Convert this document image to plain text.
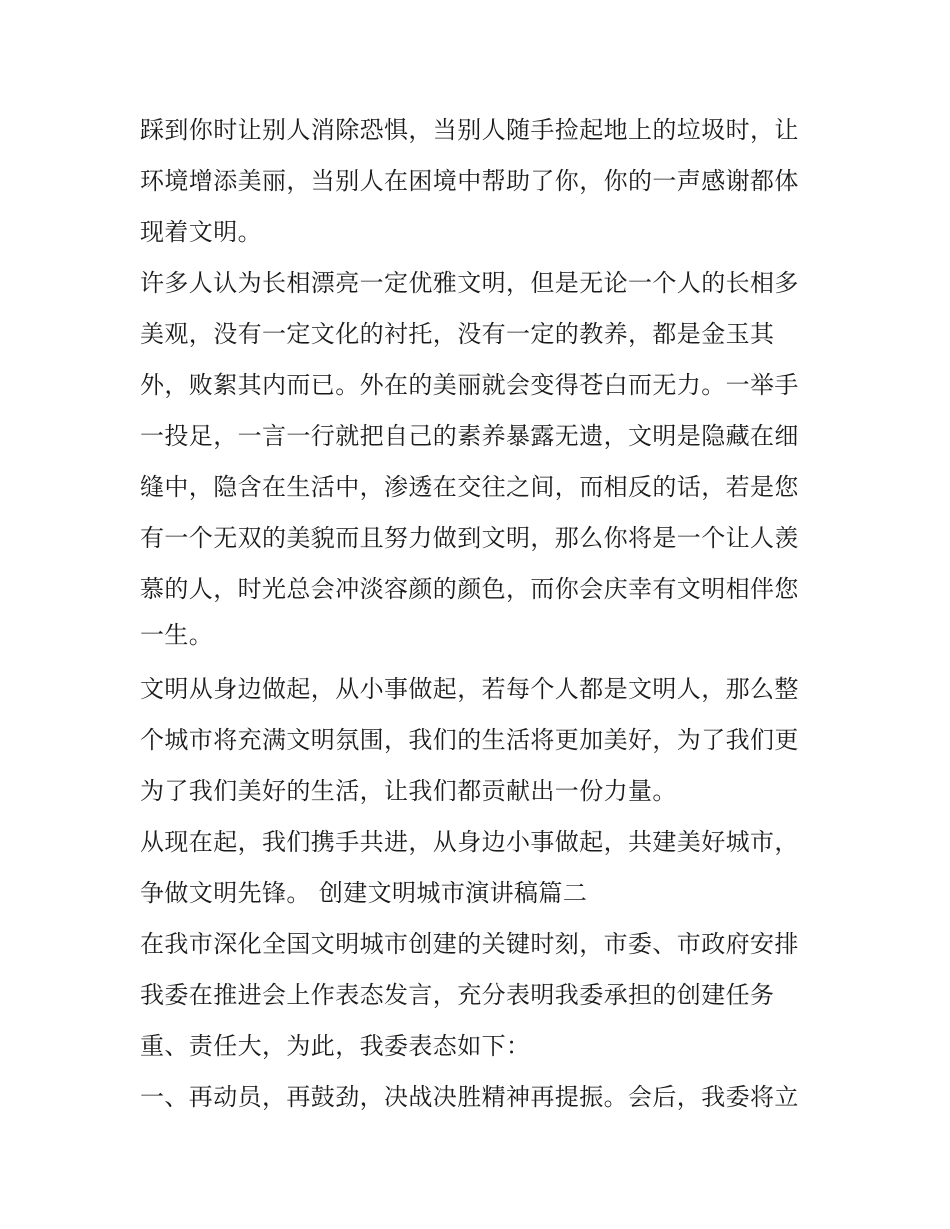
踩到你时让别人消除恐惧，当别人随手捡起地上的垃圾时，让
环境增添美丽，当别人在困境中帮助了你，你的一声感谢都体
现着文明。
许多人认为长相漂亮一定优雅文明，但是无论一个人的长相多
美观，没有一定文化的衬托，没有一定的教养，都是金玉其
外，败絮其内而已。外在的美丽就会变得苍白而无力。一举手
一投足，一言一行就把自己的素养暴露无遗，文明是隐藏在细
缝中，隐含在生活中，渗透在交往之间，而相反的话，若是您
有一个无双的美貌而且努力做到文明，那么你将是一个让人羡
慕的人，时光总会冲淡容颜的颜色，而你会庆幸有文明相伴您
一生。
文明从身边做起，从小事做起，若每个人都是文明人，那么整
个城市将充满文明氛围，我们的生活将更加美好，为了我们更
为了我们美好的生活，让我们都贡献出一份力量。
从现在起，我们携手共进，从身边小事做起，共建美好城市，
争做文明先锋。 创建文明城市演讲稿篇二
在我市深化全国文明城市创建的关键时刻，市委、市政府安排
我委在推进会上作表态发言，充分表明我委承担的创建任务
重、责任大，为此，我委表态如下：
一、再动员，再鼓劲，决战决胜精神再提振。会后，我委将立
